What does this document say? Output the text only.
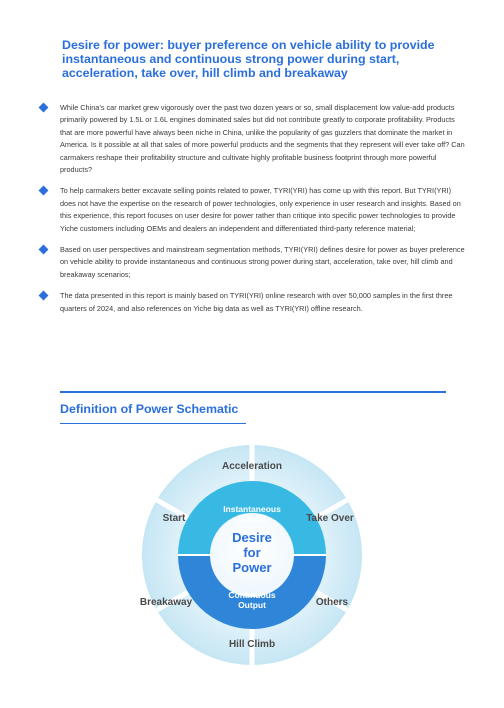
Desire for power: buyer preference on vehicle ability to provide instantaneous and continuous strong power during start, acceleration, take over, hill climb and breakaway
While China’s car market grew vigorously over the past two dozen years or so, small displacement low value-add products primarily powered by 1.5L or 1.6L engines dominated sales but did not contribute greatly to corporate profitability. Products that are more powerful have always been niche in China, unlike the popularity of gas guzzlers that dominate the market in America. Is it possible at all that sales of more powerful products and the segments that they represent will ever take off? Can carmakers reshape their profitability structure and cultivate highly profitable business footprint through more powerful products?
To help carmakers better excavate selling points related to power, TYRI(YRI) has come up with this report. But TYRI(YRI) does not have the expertise on the research of power technologies, only experience in user research and insights. Based on this experience, this report focuses on user desire for power rather than critique into specific power technologies to provide Yiche customers including OEMs and dealers an independent and differentiated third-party reference material;
Based on user perspectives and mainstream segmentation methods, TYRI(YRI) defines desire for power as buyer preference on vehicle ability to provide instantaneous and continuous strong power during start, acceleration, take over, hill climb and breakaway scenarios;
The data presented in this report is mainly based on TYRI(YRI) online research with over 50,000 samples in the first three quarters of 2024, and also references on Yiche big data as well as TYRI(YRI) offline research.
Definition of Power Schematic
Desire
for
Power
Instantaneous
Output
Continuous
Output
Acceleration
Start	Take Over
Breakaway	Others
Hill Climb
